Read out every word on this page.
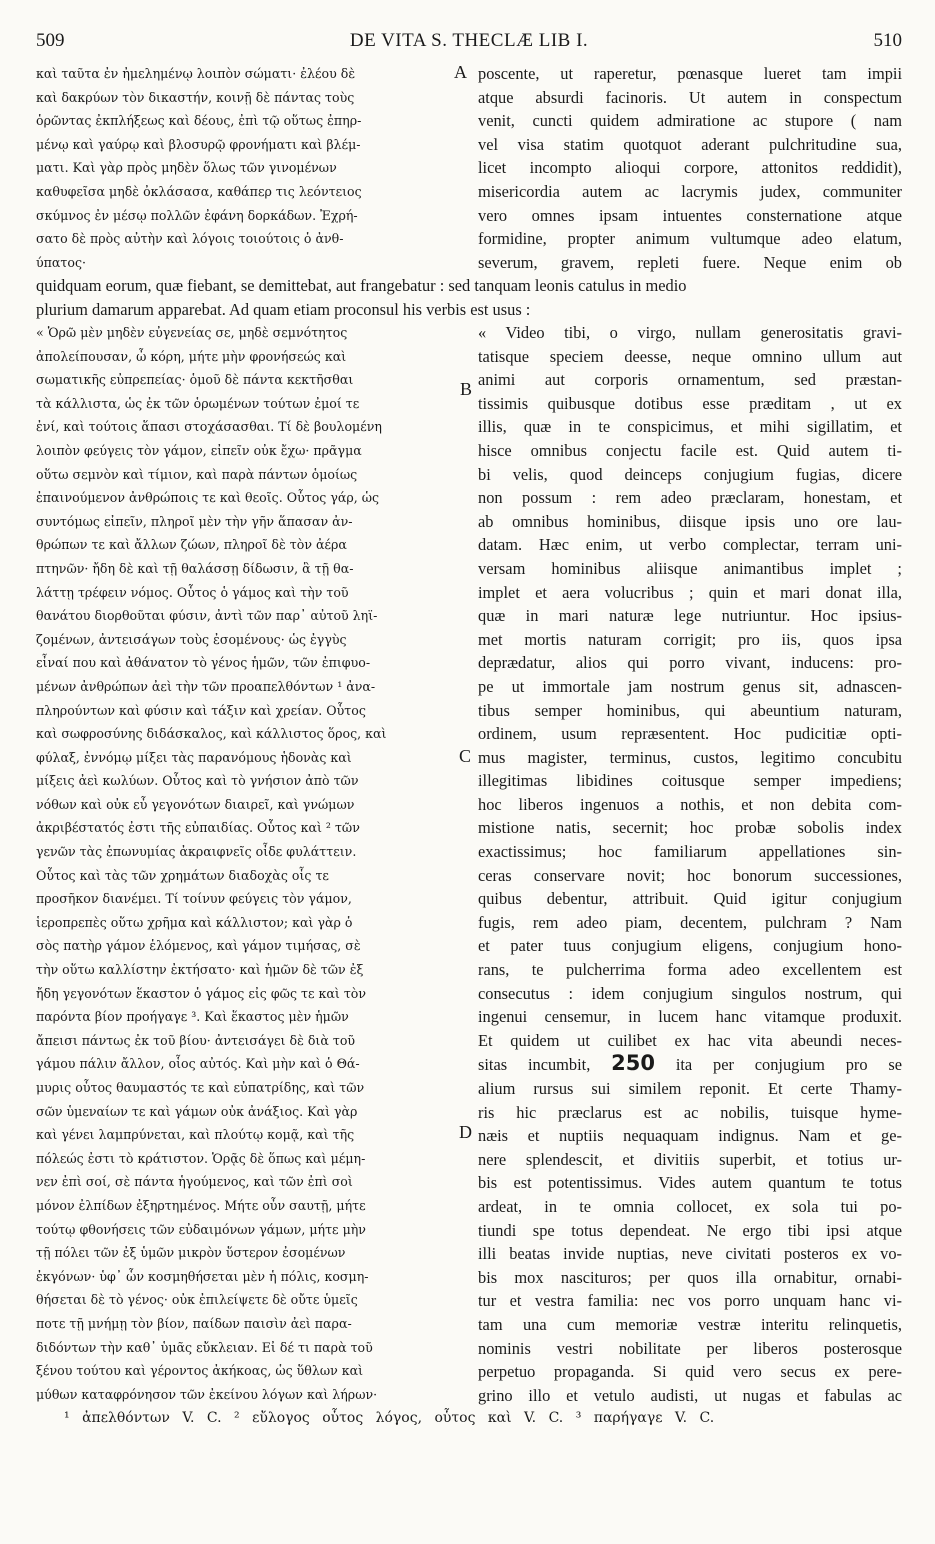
509	DE VITA S. THECLÆ LIB I.	510
καὶ ταῦτα ἐν ἠμελημένῳ λοιπὸν σώματι· ἐλέου δὲ
καὶ δακρύων τὸν δικαστήν, κοινῇ δὲ πάντας τοὺς
ὁρῶντας ἐκπλήξεως καὶ δέους, ἐπὶ τῷ οὕτως ἐπηρ-
μένῳ καὶ γαύρῳ καὶ βλοσυρῷ φρονήματι καὶ βλέμ-
ματι. Καὶ γὰρ πρὸς μηδὲν ὅλως τῶν γινομένων
καθυφεῖσα μηδὲ ὀκλάσασα, καθάπερ τις λεόντειος
σκύμνος ἐν μέσῳ πολλῶν ἐφάνη δορκάδων. Ἐχρή-
σατο δὲ πρὸς αὐτὴν καὶ λόγοις τοιούτοις ὁ ἀνθ-
ύπατος·
poscente, ut raperetur, pœnasque lueret tam impii
atque absurdi facinoris. Ut autem in conspectum
venit, cuncti quidem admiratione ac stupore ( nam
vel visa statim quotquot aderant pulchritudine sua,
licet incompto alioqui corpore, attonitos reddidit),
misericordia autem ac lacrymis judex, communiter
vero omnes ipsam intuentes consternatione atque
formidine, propter animum vultumque adeo elatum,
severum, gravem, repleti fuere. Neque enim ob
A
quidquam eorum, quæ fiebant, se demittebat, aut frangebatur : sed tanquam leonis catulus in medio
plurium damarum apparebat. Ad quam etiam proconsul his verbis est usus :
« Ὁρῶ μὲν μηδὲν εὐγενείας σε, μηδὲ σεμνότητος
ἀπολείπουσαν, ὦ κόρη, μήτε μὴν φρονήσεώς καὶ
σωματικῆς εὐπρεπείας· ὁμοῦ δὲ πάντα κεκτῆσθαι
τὰ κάλλιστα, ὡς ἐκ τῶν ὁρωμένων τούτων ἐμοί τε
ἐνί, καὶ τούτοις ἅπασι στοχάσασθαι. Τί δὲ βουλομένη
λοιπὸν φεύγεις τὸν γάμον, εἰπεῖν οὐκ ἔχω· πρᾶγμα
οὕτω σεμνὸν καὶ τίμιον, καὶ παρὰ πάντων ὁμοίως
ἐπαινούμενον ἀνθρώποις τε καὶ θεοῖς. Οὗτος γάρ, ὡς
συντόμως εἰπεῖν, πληροῖ μὲν τὴν γῆν ἅπασαν ἀν-
θρώπων τε καὶ ἄλλων ζώων, πληροῖ δὲ τὸν ἀέρα
πτηνῶν· ἤδη δὲ καὶ τῇ θαλάσσῃ δίδωσιν, ἃ τῇ θα-
λάττῃ τρέφειν νόμος. Οὗτος ὁ γάμος καὶ τὴν τοῦ
θανάτου διορθοῦται φύσιν, ἀντὶ τῶν παρ᾽ αὐτοῦ ληϊ-
ζομένων, ἀντεισάγων τοὺς ἐσομένους· ὡς ἐγγὺς
εἶναί που καὶ ἀθάνατον τὸ γένος ἡμῶν, τῶν ἐπιφυο-
μένων ἀνθρώπων ἀεὶ τὴν τῶν προαπελθόντων ¹ ἀνα-
πληρούντων καὶ φύσιν καὶ τάξιν καὶ χρείαν. Οὗτος
καὶ σωφροσύνης διδάσκαλος, καὶ κάλλιστος ὅρος, καὶ
φύλαξ, ἐννόμῳ μίξει τὰς παρανόμους ἡδονὰς καὶ
μίξεις ἀεὶ κωλύων. Οὗτος καὶ τὸ γνήσιον ἀπὸ τῶν
νόθων καὶ οὐκ εὖ γεγονότων διαιρεῖ, καὶ γνώμων
ἀκριβέστατός ἐστι τῆς εὐπαιδίας. Οὗτος καὶ ² τῶν
γενῶν τὰς ἐπωνυμίας ἀκραιφνεῖς οἶδε φυλάττειν.
Οὗτος καὶ τὰς τῶν χρημάτων διαδοχὰς οἷς τε
προσῆκον διανέμει. Τί τοίνυν φεύγεις τὸν γάμον,
ἱεροπρεπὲς οὕτω χρῆμα καὶ κάλλιστον; καὶ γὰρ ὁ
σὸς πατὴρ γάμον ἑλόμενος, καὶ γάμον τιμήσας, σὲ
τὴν οὕτω καλλίστην ἐκτήσατο· καὶ ἡμῶν δὲ τῶν ἐξ
ἤδη γεγονότων ἕκαστον ὁ γάμος εἰς φῶς τε καὶ τὸν
παρόντα βίον προήγαγε ³. Καὶ ἕκαστος μὲν ἡμῶν
ἄπεισι πάντως ἐκ τοῦ βίου· ἀντεισάγει δὲ διὰ τοῦ
γάμου πάλιν ἄλλον, οἷος αὐτός. Καὶ μὴν καὶ ὁ Θά-
μυρις οὗτος θαυμαστός τε καὶ εὐπατρίδης, καὶ τῶν
σῶν ὑμεναίων τε καὶ γάμων οὐκ ἀνάξιος. Καὶ γὰρ
καὶ γένει λαμπρύνεται, καὶ πλούτῳ κομᾷ, καὶ τῆς
πόλεώς ἐστι τὸ κράτιστον. Ὁρᾷς δὲ ὅπως καὶ μέμη-
νεν ἐπὶ σοί, σὲ πάντα ἡγούμενος, καὶ τῶν ἐπὶ σοὶ
μόνον ἐλπίδων ἐξηρτημένος. Μήτε οὖν σαυτῇ, μήτε
τούτῳ φθονήσεις τῶν εὐδαιμόνων γάμων, μήτε μὴν
τῇ πόλει τῶν ἐξ ὑμῶν μικρὸν ὕστερον ἐσομένων
ἐκγόνων· ὑφ᾽ ὧν κοσμηθήσεται μὲν ἡ πόλις, κοσμη-
θήσεται δὲ τὸ γένος· οὐκ ἐπιλείψετε δὲ οὔτε ὑμεῖς
ποτε τῇ μνήμῃ τὸν βίον, παίδων παισὶν ἀεὶ παρα-
διδόντων τὴν καθ᾽ ὑμᾶς εὔκλειαν. Εἰ δέ τι παρὰ τοῦ
ξένου τούτου καὶ γέροντος ἀκήκοας, ὡς ὕθλων καὶ
μύθων καταφρόνησον τῶν ἐκείνου λόγων καὶ λήρων·
« Video tibi, o virgo, nullam generositatis gravi-
tatisque speciem deesse, neque omnino ullum aut
animi aut corporis ornamentum, sed præstan-
tissimis quibusque dotibus esse præditam , ut ex
illis, quæ in te conspicimus, et mihi sigillatim, et
hisce omnibus conjectu facile est. Quid autem ti-
bi velis, quod deinceps conjugium fugias, dicere
non possum : rem adeo præclaram, honestam, et
ab omnibus hominibus, diisque ipsis uno ore lau-
datam. Hæc enim, ut verbo complectar, terram uni-
versam hominibus aliisque animantibus implet ;
implet et aera volucribus ; quin et mari donat illa,
quæ in mari naturæ lege nutriuntur. Hoc ipsius-
met mortis naturam corrigit; pro iis, quos ipsa
deprædatur, alios qui porro vivant, inducens: pro-
pe ut immortale jam nostrum genus sit, adnascen-
tibus semper hominibus, qui abeuntium naturam,
ordinem, usum repræsentent. Hoc pudicitiæ opti-
mus magister, terminus, custos, legitimo concubitu
illegitimas libidines coitusque semper impediens;
hoc liberos ingenuos a nothis, et non debita com-
mistione natis, secernit; hoc probæ sobolis index
exactissimus; hoc familiarum appellationes sin-
ceras conservare novit; hoc bonorum successiones,
quibus debentur, attribuit. Quid igitur conjugium
fugis, rem adeo piam, decentem, pulchram ? Nam
et pater tuus conjugium eligens, conjugium hono-
rans, te pulcherrima forma adeo excellentem est
consecutus : idem conjugium singulos nostrum, qui
ingenui censemur, in lucem hanc vitamque produxit.
Et quidem ut cuilibet ex hac vita abeundi neces-
sitas incumbit, 250 ita per conjugium pro se
alium rursus sui similem reponit. Et certe Thamy-
ris hic præclarus est ac nobilis, tuisque hyme-
næis et nuptiis nequaquam indignus. Nam et ge-
nere splendescit, et divitiis superbit, et totius ur-
bis est potentissimus. Vides autem quantum te totus
ardeat, in te omnia collocet, ex sola tui po-
tiundi spe totus dependeat. Ne ergo tibi ipsi atque
illi beatas invide nuptias, neve civitati posteros ex vo-
bis mox nascituros; per quos illa ornabitur, ornabi-
tur et vestra familia: nec vos porro unquam hanc vi-
tam una cum memoriæ vestræ interitu relinquetis,
nominis vestri nobilitate per liberos posterosque
perpetuo propaganda. Si quid vero secus ex pere-
grino illo et vetulo audisti, ut nugas et fabulas ac
B
C
D
¹ ἀπελθόντων V. C. ² εὔλογος οὗτος λόγος, οὗτος καὶ V. C. ³ παρήγαγε V. C.
